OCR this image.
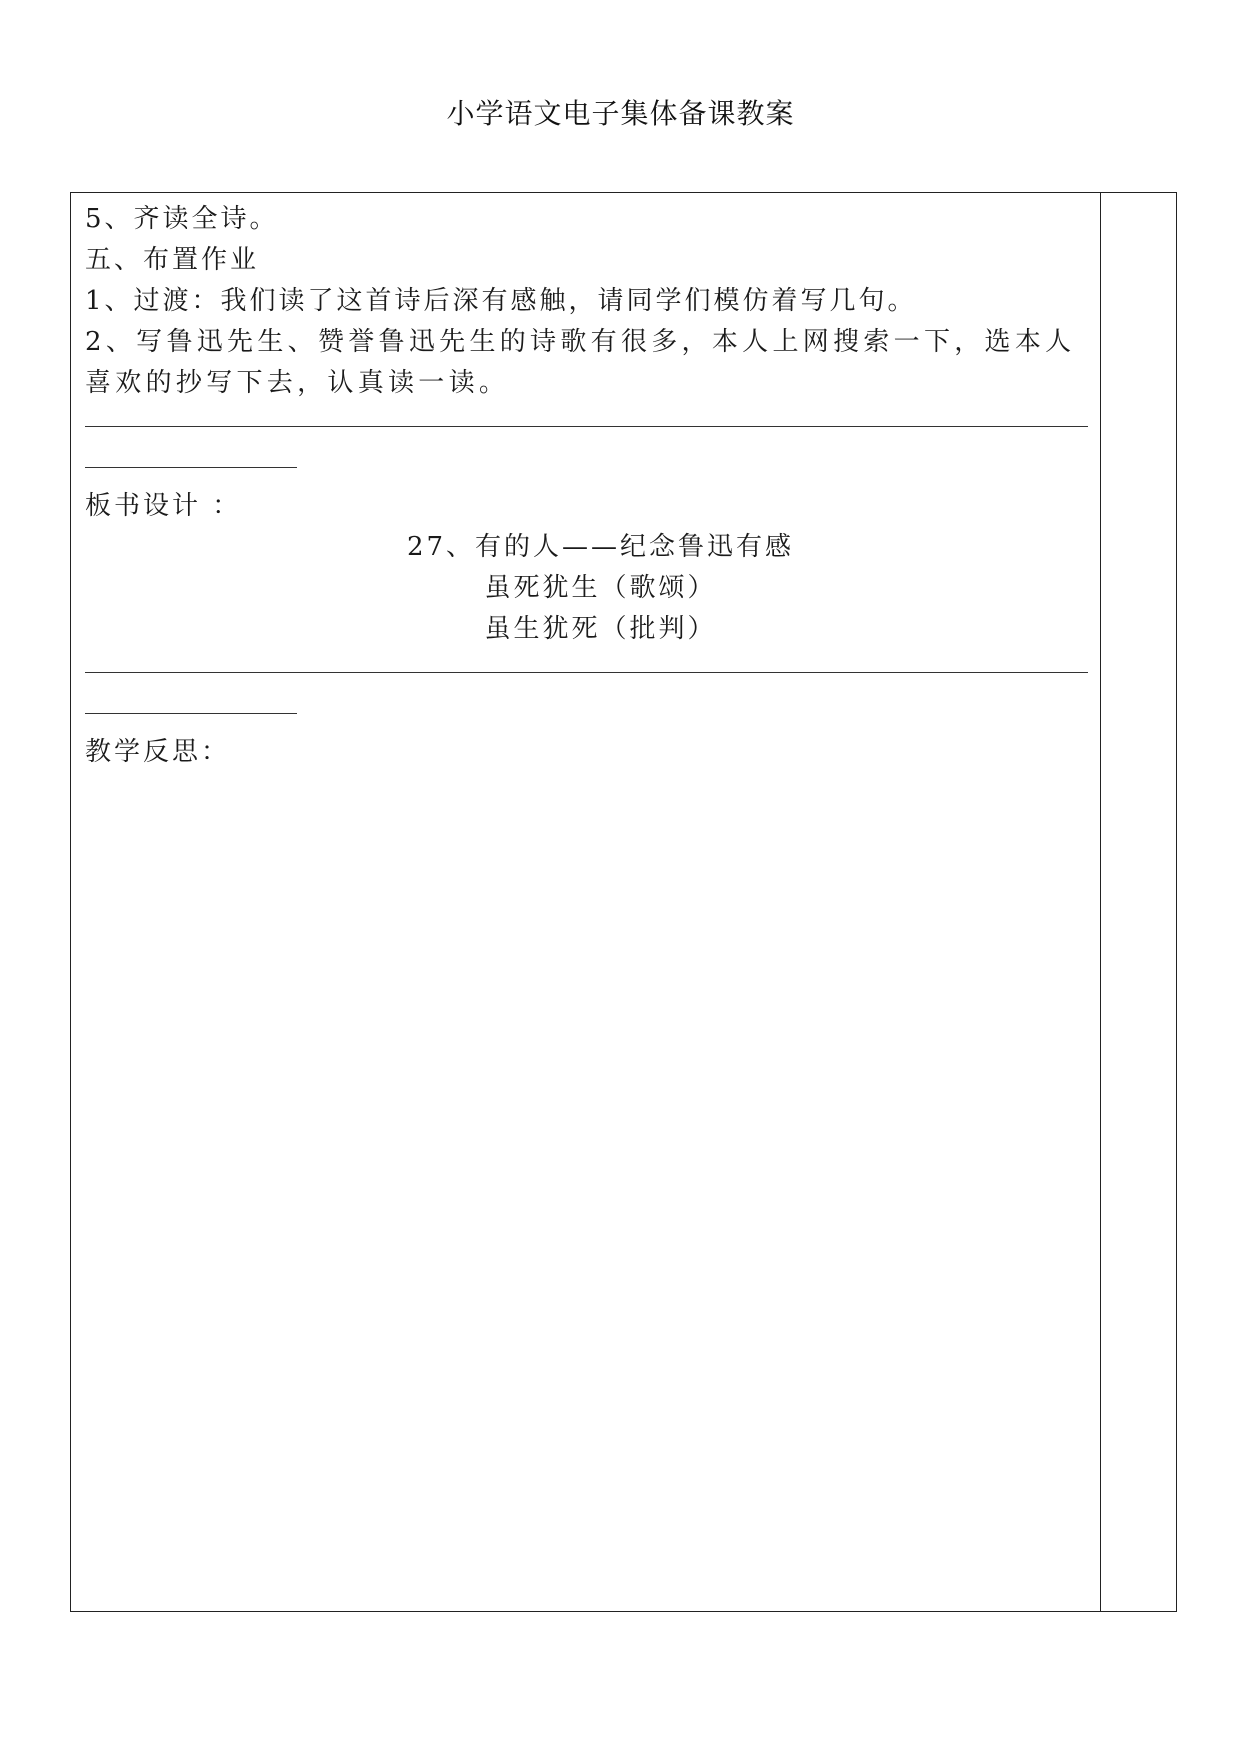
小学语文电子集体备课教案
5、齐读全诗。
五、布置作业
1、过渡：我们读了这首诗后深有感触，请同学们模仿着写几句。
2、写鲁迅先生、赞誉鲁迅先生的诗歌有很多，本人上网搜索一下，选本人喜欢的抄写下去，认真读一读。
板书设计 ：
27、有的人——纪念鲁迅有感
虽死犹生（歌颂）
虽生犹死（批判）
教学反思：
